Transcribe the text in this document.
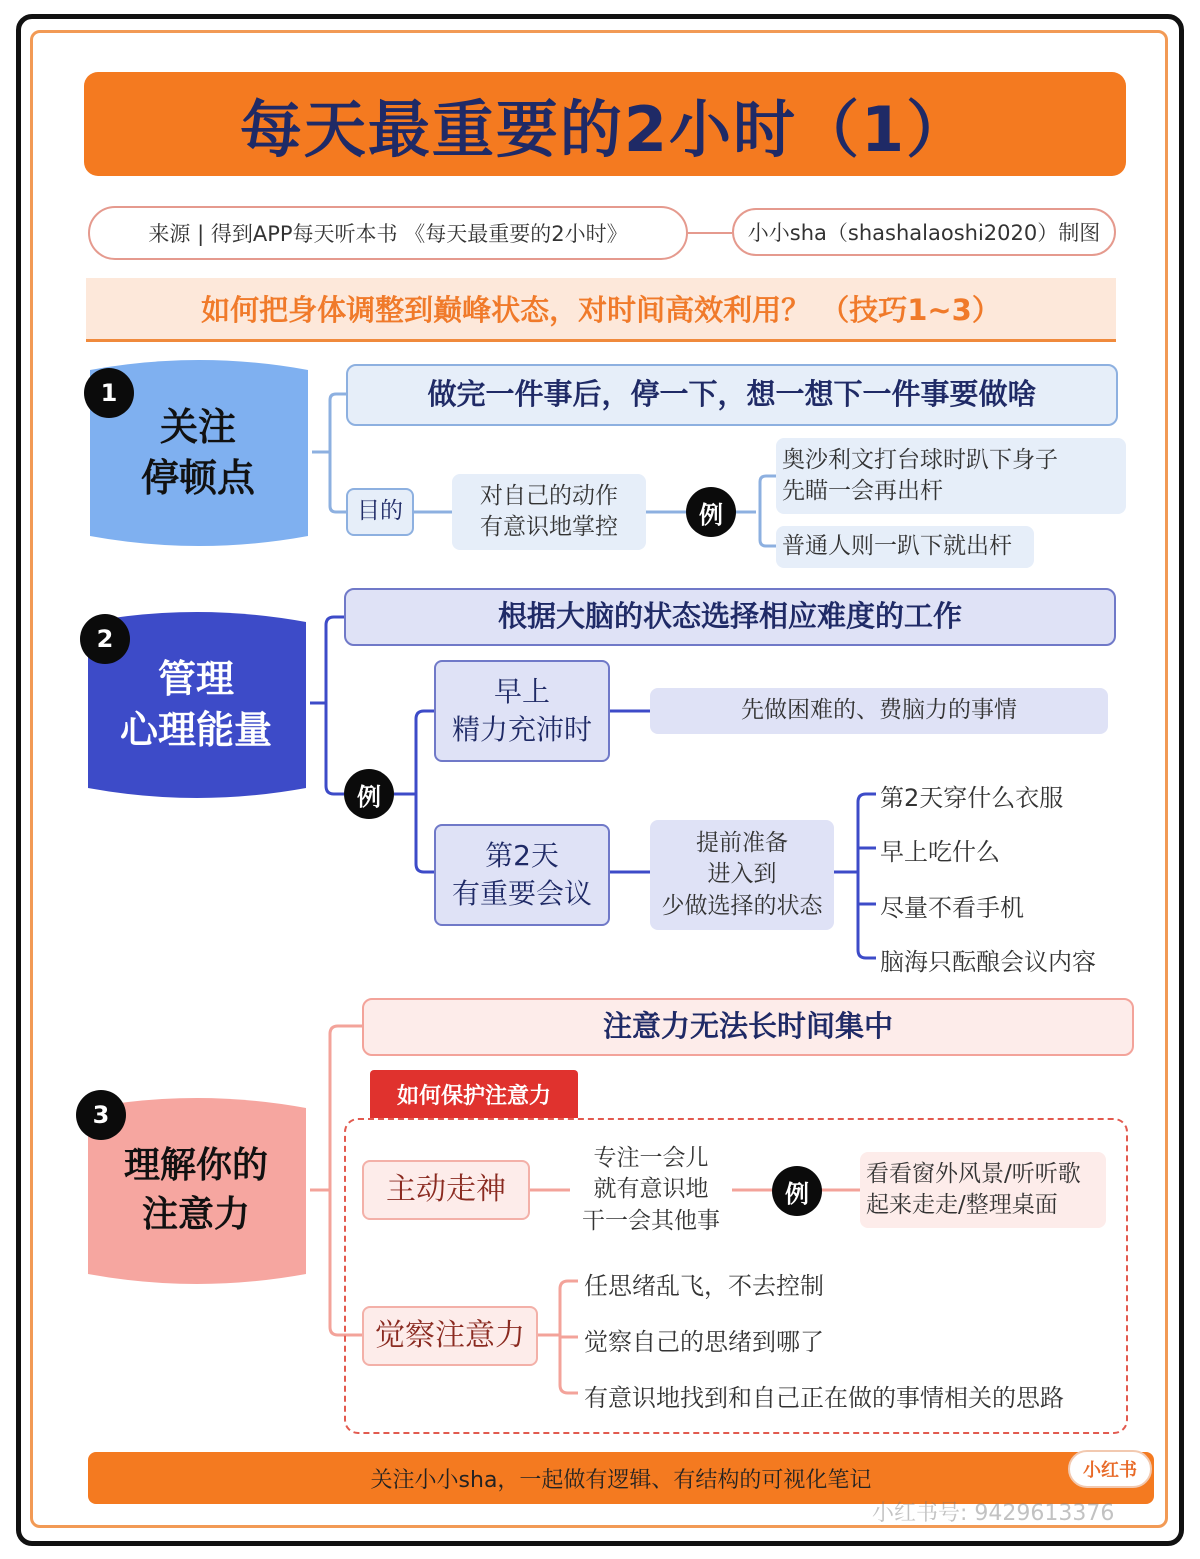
每天最重要的2小时（1）
来源 | 得到APP每天听本书 《每天最重要的2小时》	小小sha（shashalaoshi2020）制图
如何把身体调整到巅峰状态，对时间高效利用？ （技巧1~3）
关注
停顿点
1	做完一件事后，停一下，想一想下一件事要做啥
目的
对自己的动作
有意识地掌控	例
奥沙利文打台球时趴下身子
先瞄一会再出杆
普通人则一趴下就出杆
管理
心理能量
2
根据大脑的状态选择相应难度的工作
例
早上
精力充沛时
先做困难的、费脑力的事情
第2天
有重要会议
提前准备
进入到
少做选择的状态
第2天穿什么衣服
早上吃什么
尽量不看手机
脑海只酝酿会议内容
理解你的
注意力
3
注意力无法长时间集中
如何保护注意力
主动走神
专注一会儿
就有意识地
干一会其他事
例
看看窗外风景/听听歌
起来走走/整理桌面
觉察注意力
任思绪乱飞，不去控制
觉察自己的思绪到哪了
有意识地找到和自己正在做的事情相关的思路
关注小小sha，一起做有逻辑、有结构的可视化笔记	小红书
小红书号: 9429613376
